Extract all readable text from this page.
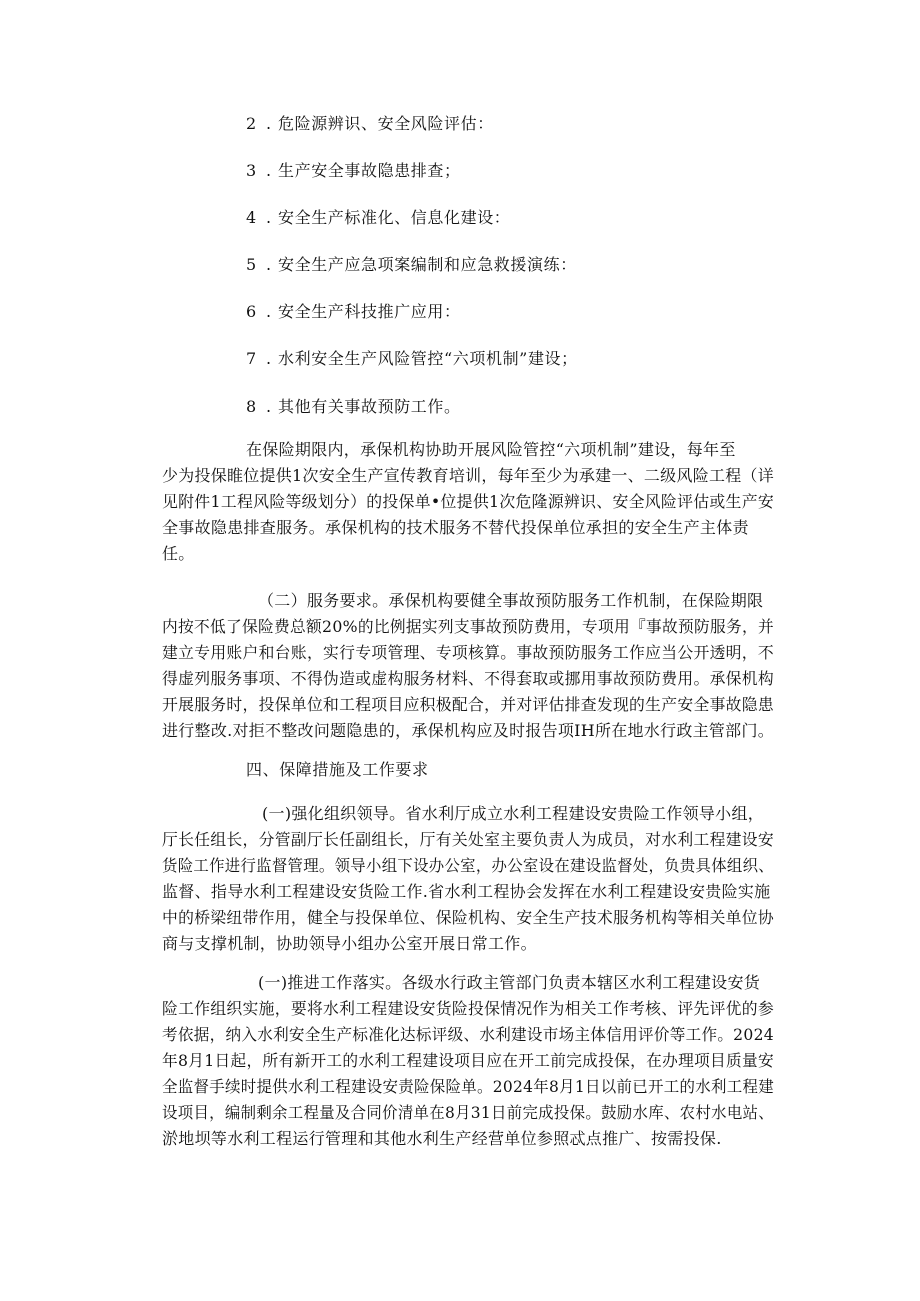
2 . 危险源辨识、安全风险评估：
3 . 生产安全事故隐患排查；
4 . 安全生产标准化、信息化建设：
5 . 安全生产应急项案编制和应急救援演练：
6 . 安全生产科技推广应用：
7 . 水利安全生产风险管控“六项机制”建设；
8 . 其他有关事故预防工作。
在保险期限内，承保机构协助开展风险管控“六项机制”建设，每年至
少为投保睢位提供1次安全生产宣传教育培训，每年至少为承建一、二级风险工程（详
见附件1工程风险等级划分）的投保单•位提供1次危隆源辨识、安全风险评估或生产安
全事故隐患排查服务。承保机构的技术服务不替代投保单位承担的安全生产主体责
任。
（二）服务要求。承保机构要健全事故预防服务工作机制，在保险期限
内按不低了保险费总额20%的比例据实列支事故预防费用，专项用『事故预防服务，并
建立专用账户和台账，实行专项管理、专项核算。事故预防服务工作应当公开透明，不
得虚列服务事项、不得伪造或虚构服务材料、不得套取或挪用事故预防费用。承保机构
开展服务时，投保单位和工程项目应积极配合，并对评估排查发现的生产安全事故隐患
进行整改.对拒不整改问题隐患的，承保机构应及时报告项IH所在地水行政主管部门。
四、保障措施及工作要求
(一)强化组织领导。省水利厅成立水利工程建设安贵险工作领导小组，
厅长任组长，分管副厅长任副组长，厅有关处室主要负责人为成员，对水利工程建设安
货险工作进行监督管理。领导小组下设办公室，办公室设在建设监督处，负贵具体组织、
监督、指导水利工程建设安货险工作.省水利工程协会发挥在水利工程建设安贵险实施
中的桥梁纽带作用，健全与投保单位、保险机构、安全生产技术服务机构等相关单位协
商与支撑机制，协助领导小组办公室开展日常工作。
(一)推进工作落实。各级水行政主管部门负责本辖区水利工程建设安货
险工作组织实施，要将水利工程建设安货险投保情况作为相关工作考核、评先评优的参
考依据，纳入水利安全生产标准化达标评级、水利建设市场主体信用评价等工作。2024
年8月1日起，所有新开工的水利工程建设项目应在开工前完成投保，在办理项目质量安
全监督手续时提供水利工程建设安责险保险单。2024年8月1日以前已开工的水利工程建
设项目，编制剩余工程量及合同价清单在8月31日前完成投保。鼓励水库、农村水电站、
淤地坝等水利工程运行管理和其他水利生产经营单位参照忒点推广、按需投保.
